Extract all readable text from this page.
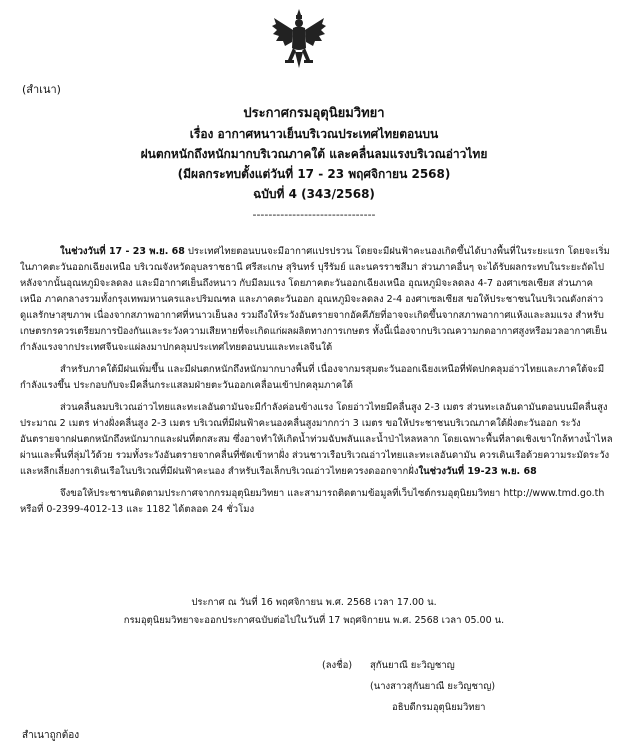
(สำเนา)
ประกาศกรมอุตุนิยมวิทยา
เรื่อง อากาศหนาวเย็นบริเวณประเทศไทยตอนบน
ฝนตกหนักถึงหนักมากบริเวณภาคใต้ และคลื่นลมแรงบริเวณอ่าวไทย
(มีผลกระทบตั้งแต่วันที่ 17 - 23 พฤศจิกายน 2568)
ฉบับที่ 4 (343/2568)
-------------------------------

ในช่วงวันที่ 17 - 23 พ.ย. 68 ประเทศไทยตอนบนจะมีอากาศแปรปรวน โดยจะมีฝนฟ้าคะนองเกิดขึ้นได้บางพื้นที่ในระยะแรก โดยจะเริ่มในภาคตะวันออกเฉียงเหนือ บริเวณจังหวัดอุบลราชธานี ศรีสะเกษ สุรินทร์ บุรีรัมย์ และนครราชสีมา ส่วนภาคอื่นๆ จะได้รับผลกระทบในระยะถัดไป หลังจากนั้นอุณหภูมิจะลดลง และมีอากาศเย็นถึงหนาว กับมีลมแรง โดยภาคตะวันออกเฉียงเหนือ อุณหภูมิจะลดลง 4-7 องศาเซลเซียส ส่วนภาคเหนือ ภาคกลางรวมทั้งกรุงเทพมหานครและปริมณฑล และภาคตะวันออก อุณหภูมิจะลดลง 2-4 องศาเซลเซียส ขอให้ประชาชนในบริเวณดังกล่าวดูแลรักษาสุขภาพ เนื่องจากสภาพอากาศที่หนาวเย็นลง รวมถึงให้ระวังอันตรายจากอัคคีภัยที่อาจจะเกิดขึ้นจากสภาพอากาศแห้งและลมแรง สำหรับเกษตรกรควรเตรียมการป้องกันและระวังความเสียหายที่จะเกิดแก่ผลผลิตทางการเกษตร ทั้งนี้เนื่องจากบริเวณความกดอากาศสูงหรือมวลอากาศเย็นกำลังแรงจากประเทศจีนจะแผ่ลงมาปกคลุมประเทศไทยตอนบนและทะเลจีนใต้

สำหรับภาคใต้มีฝนเพิ่มขึ้น และมีฝนตกหนักถึงหนักมากบางพื้นที่ เนื่องจากมรสุมตะวันออกเฉียงเหนือที่พัดปกคลุมอ่าวไทยและภาคใต้จะมีกำลังแรงขึ้น ประกอบกับจะมีคลื่นกระแสลมฝ่ายตะวันออกเคลื่อนเข้าปกคลุมภาคใต้

ส่วนคลื่นลมบริเวณอ่าวไทยและทะเลอันดามันจะมีกำลังค่อนข้างแรง โดยอ่าวไทยมีคลื่นสูง 2-3 เมตร ส่วนทะเลอันดามันตอนบนมีคลื่นสูงประมาณ 2 เมตร ห่างฝั่งคลื่นสูง 2-3 เมตร บริเวณที่มีฝนฟ้าคะนองคลื่นสูงมากกว่า 3 เมตร ขอให้ประชาชนบริเวณภาคใต้ฝั่งตะวันออก ระวังอันตรายจากฝนตกหนักถึงหนักมากและฝนที่ตกสะสม ซึ่งอาจทำให้เกิดน้ำท่วมฉับพลันและน้ำป่าไหลหลาก โดยเฉพาะพื้นที่ลาดเชิงเขาใกล้ทางน้ำไหลผ่านและพื้นที่ลุ่มไว้ด้วย รวมทั้งระวังอันตรายจากคลื่นที่ซัดเข้าหาฝั่ง ส่วนชาวเรือบริเวณอ่าวไทยและทะเลอันดามัน ควรเดินเรือด้วยความระมัดระวังและหลีกเลี่ยงการเดินเรือในบริเวณที่มีฝนฟ้าคะนอง สำหรับเรือเล็กบริเวณอ่าวไทยควรงดออกจากฝั่งในช่วงวันที่ 19-23 พ.ย. 68

จึงขอให้ประชาชนติดตามประกาศจากกรมอุตุนิยมวิทยา และสามารถติดตามข้อมูลที่เว็บไซต์กรมอุตุนิยมวิทยา http://www.tmd.go.th หรือที่ 0-2399-4012-13 และ 1182 ได้ตลอด 24 ชั่วโมง

ประกาศ ณ วันที่ 16 พฤศจิกายน พ.ศ. 2568 เวลา 17.00 น.
กรมอุตุนิยมวิทยาจะออกประกาศฉบับต่อไปในวันที่ 17 พฤศจิกายน พ.ศ. 2568 เวลา 05.00 น.
(ลงชื่อ) สุกันยาณี ยะวิญชาญ
(นางสาวสุกันยาณี ยะวิญชาญ)
อธิบดีกรมอุตุนิยมวิทยา
สำเนาถูกต้อง
